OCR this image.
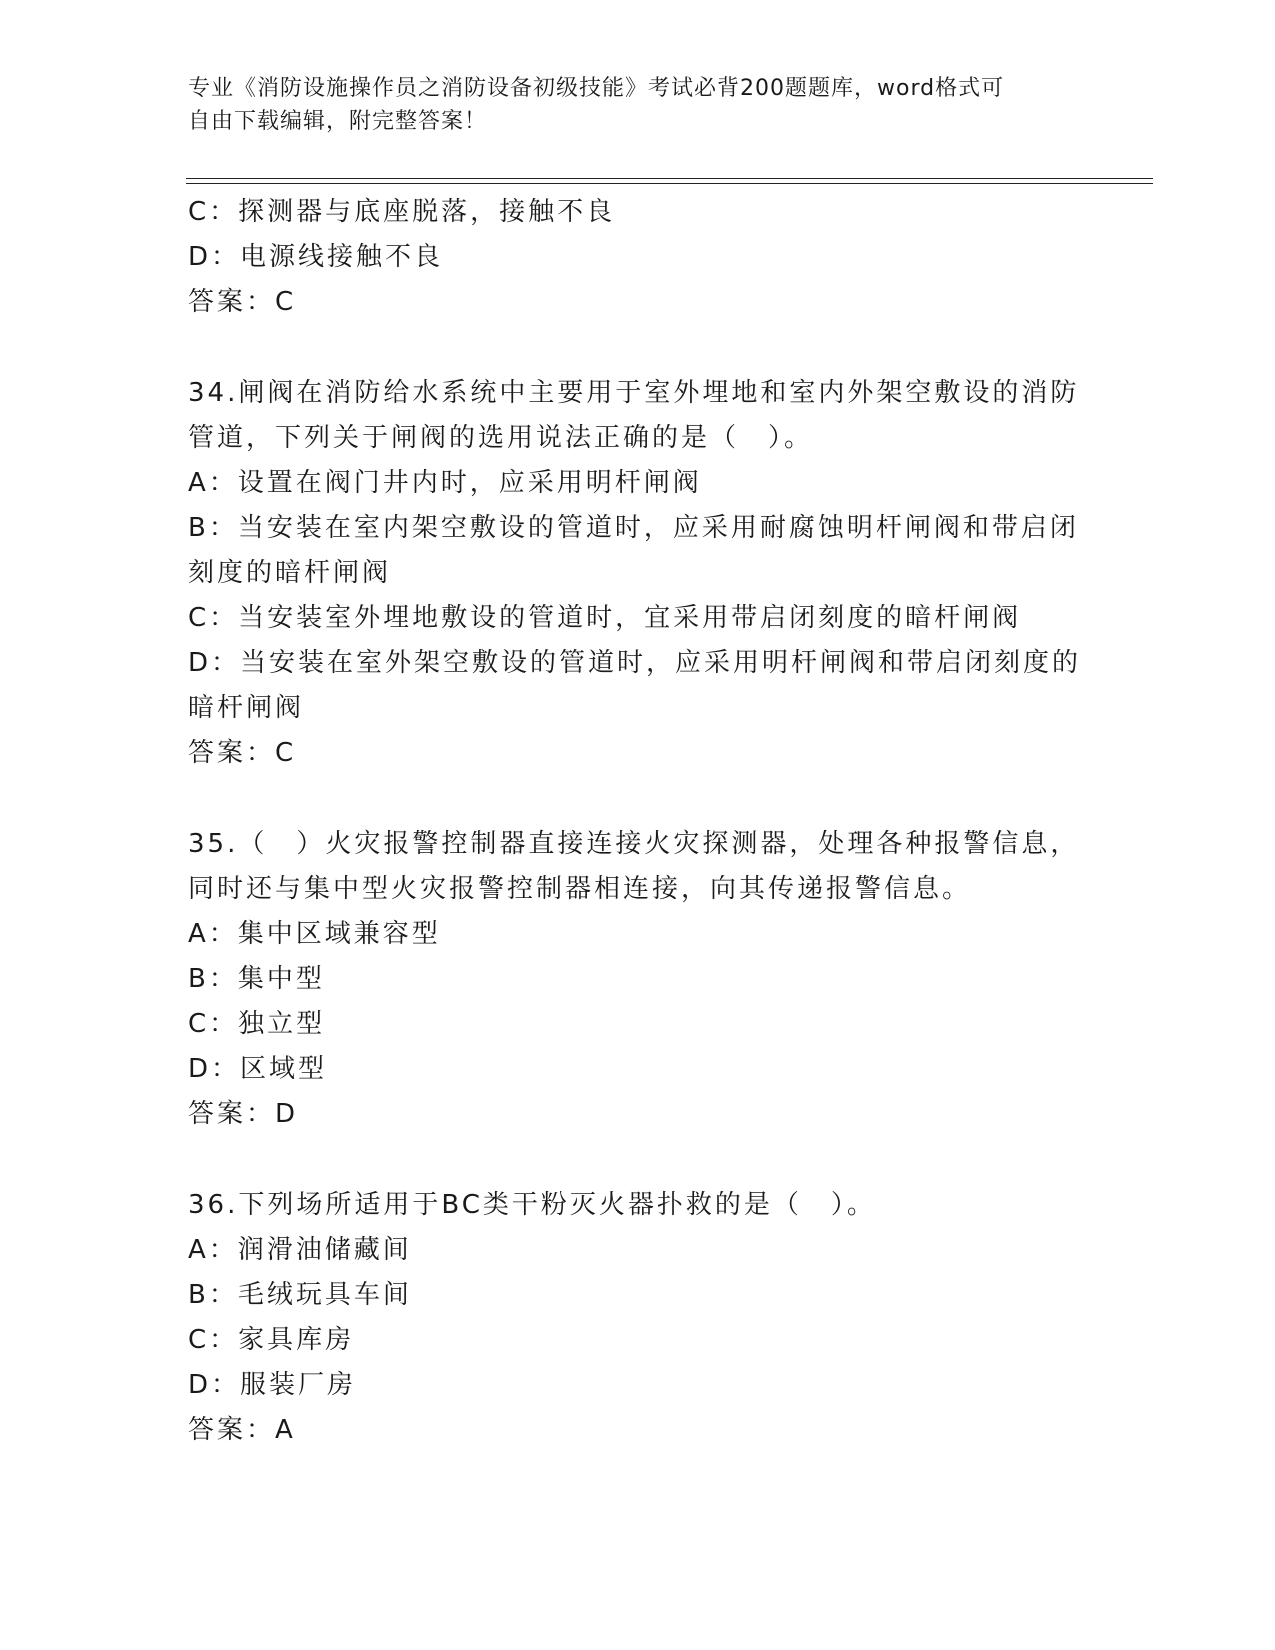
专业《消防设施操作员之消防设备初级技能》考试必背200题题库，word格式可
自由下载编辑，附完整答案！
C：探测器与底座脱落，接触不良
D：电源线接触不良
答案：C
34.闸阀在消防给水系统中主要用于室外埋地和室内外架空敷设的消防
管道，下列关于闸阀的选用说法正确的是（　）。
A：设置在阀门井内时，应采用明杆闸阀
B：当安装在室内架空敷设的管道时，应采用耐腐蚀明杆闸阀和带启闭
刻度的暗杆闸阀
C：当安装室外埋地敷设的管道时，宜采用带启闭刻度的暗杆闸阀
D：当安装在室外架空敷设的管道时，应采用明杆闸阀和带启闭刻度的
暗杆闸阀
答案：C
35.（　）火灾报警控制器直接连接火灾探测器，处理各种报警信息，
同时还与集中型火灾报警控制器相连接，向其传递报警信息。
A：集中区域兼容型
B：集中型
C：独立型
D：区域型
答案：D
36.下列场所适用于BC类干粉灭火器扑救的是（　）。
A：润滑油储藏间
B：毛绒玩具车间
C：家具库房
D：服装厂房
答案：A
